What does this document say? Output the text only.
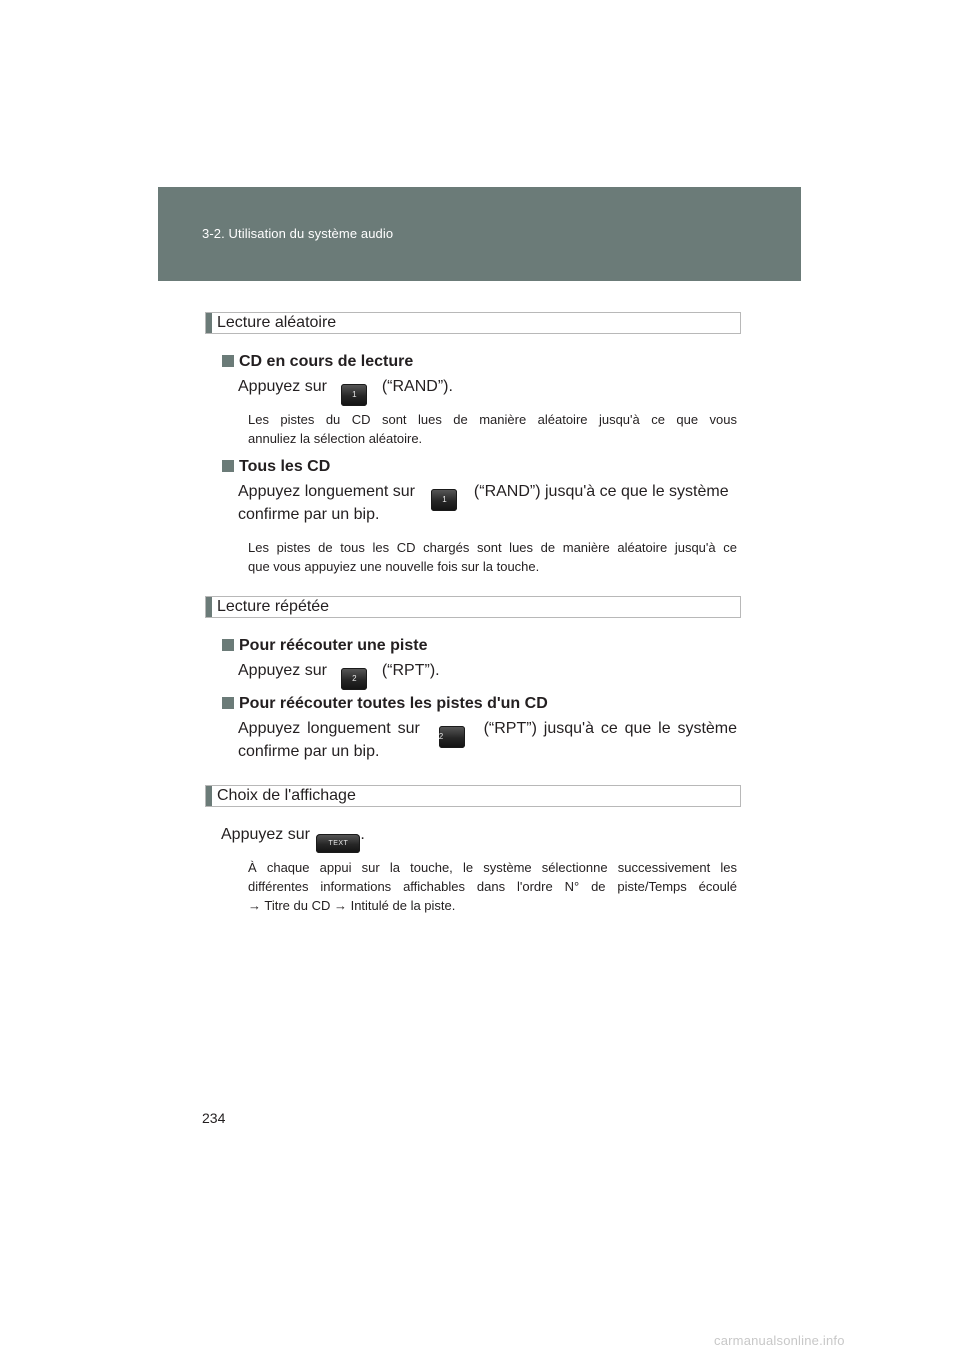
3-2. Utilisation du système audio
Lecture aléatoire
CD en cours de lecture
Appuyez sur	1 (“RAND”).
Les pistes du CD sont lues de manière aléatoire jusqu'à ce que vous
annuliez la sélection aléatoire.
Tous les CD
Appuyez longuement sur	1 (“RAND”) jusqu'à ce que le système
confirme par un bip.
Les pistes de tous les CD chargés sont lues de manière aléatoire jusqu'à ce
que vous appuyiez une nouvelle fois sur la touche.
Lecture répétée
Pour réécouter une piste
Appuyez sur	2 (“RPT”).
Pour réécouter toutes les pistes d'un CD
Appuyez longuement sur 2	(“RPT”) jusqu'à ce que le système
confirme par un bip.
Choix de l'affichage
Appuyez sur TEXT.
À chaque appui sur la touche, le système sélectionne successivement les
différentes informations affichables dans l'ordre N° de piste/Temps écoulé
→ Titre du CD → Intitulé de la piste.
234
carmanualsonline.info
